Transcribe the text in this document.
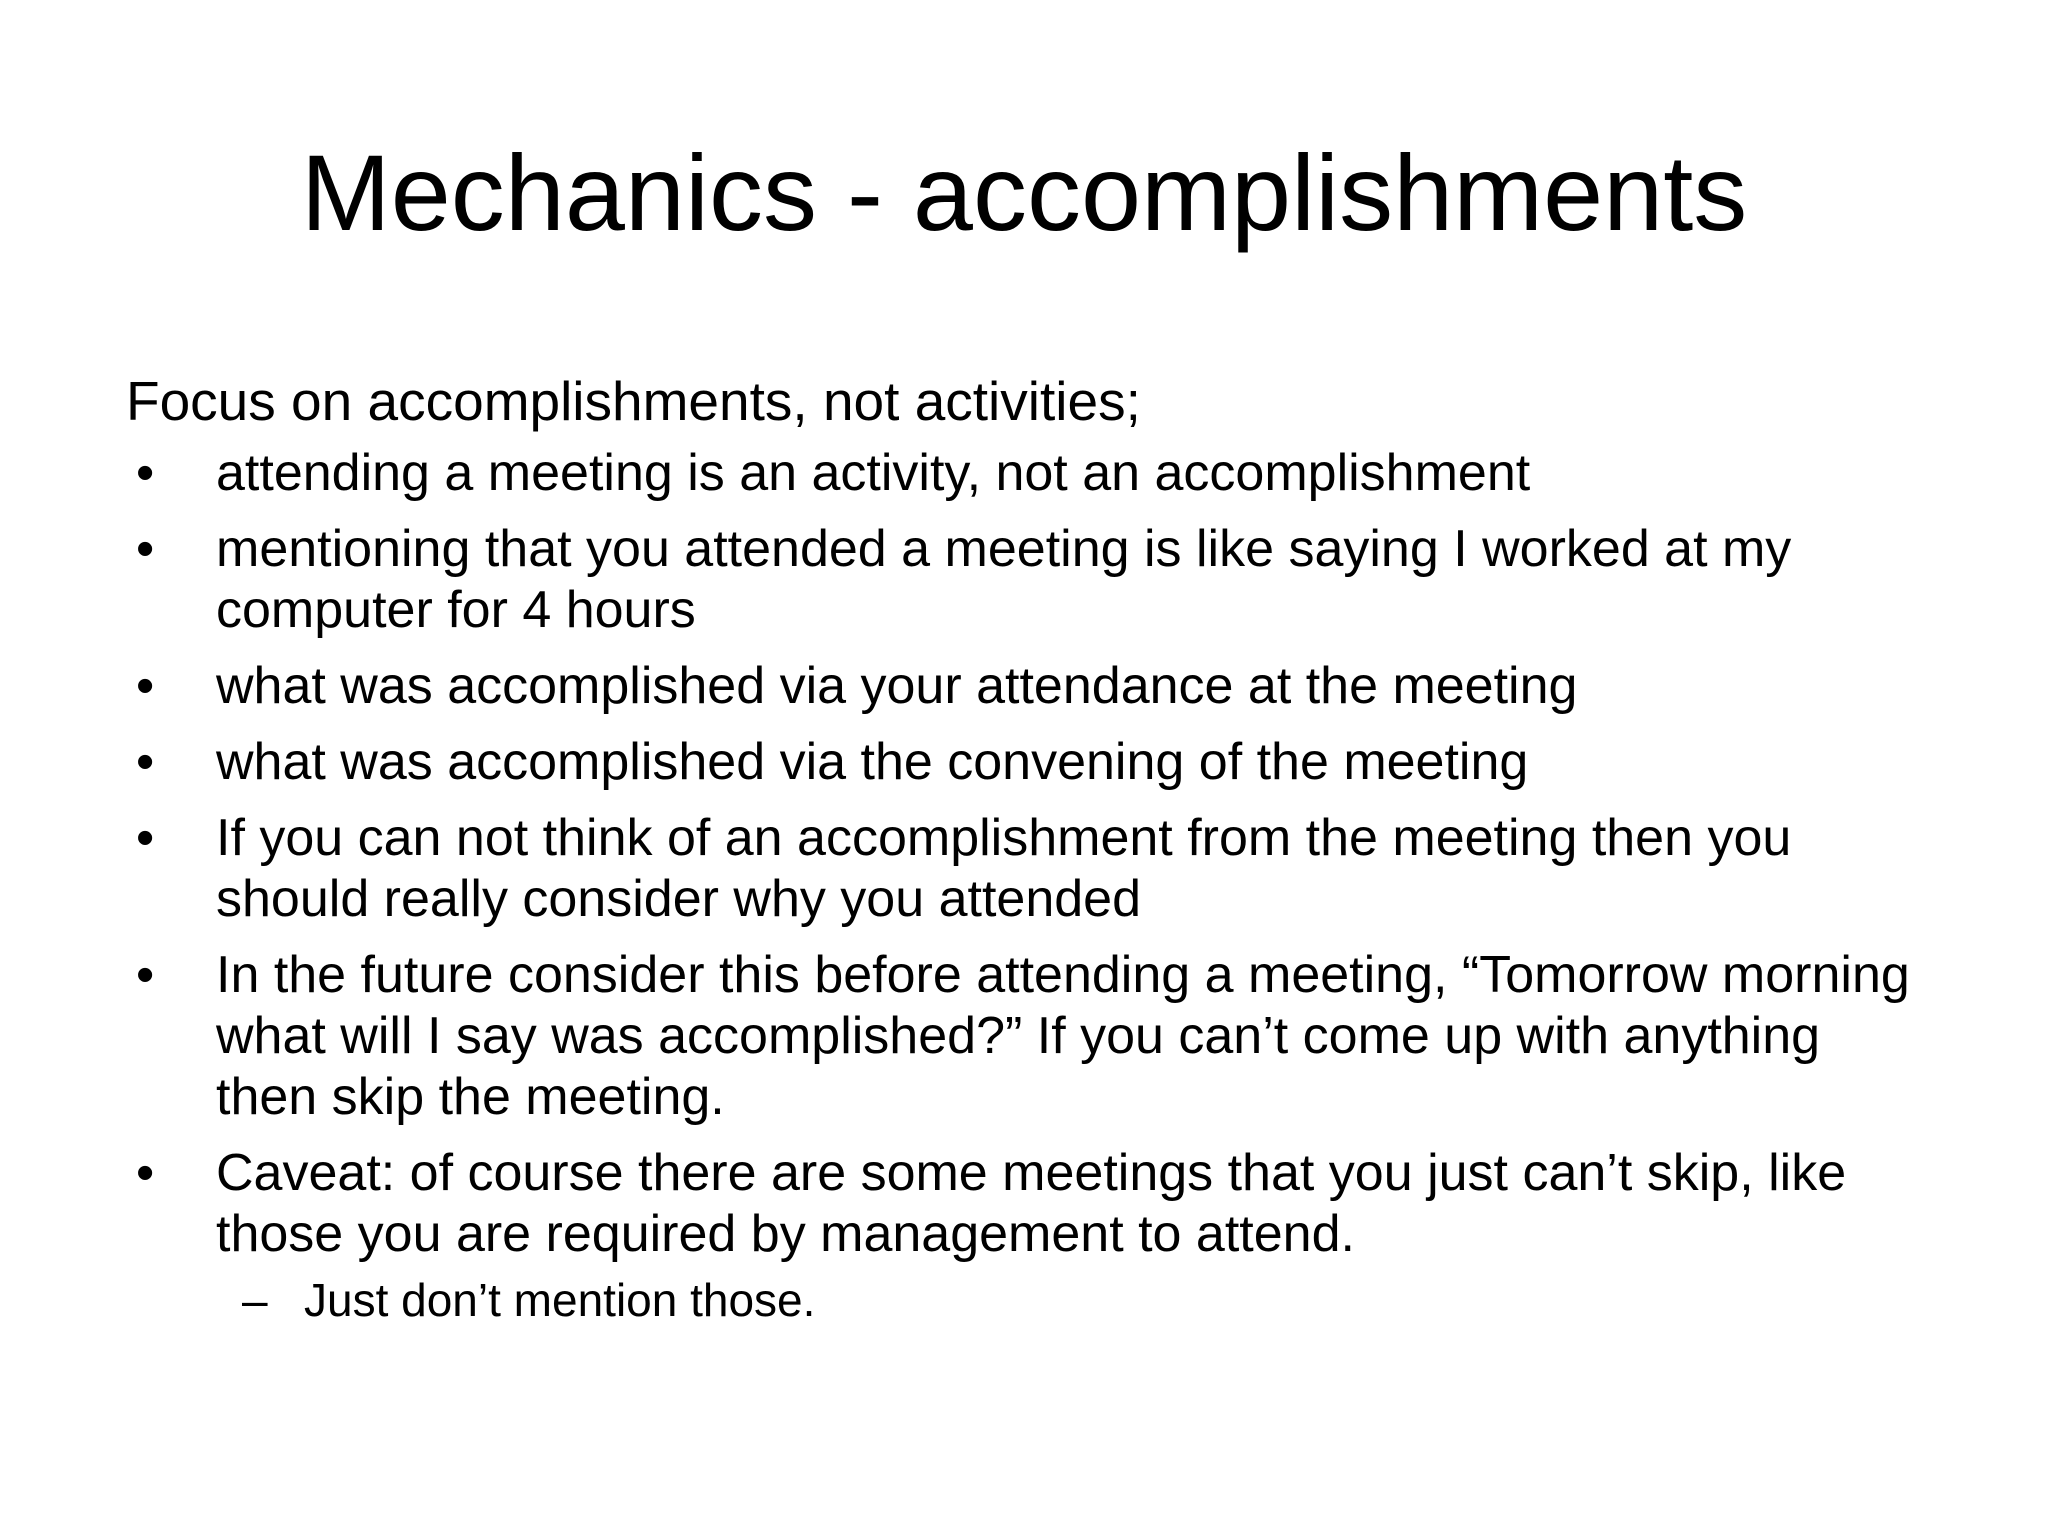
Mechanics - accomplishments

Focus on accomplishments, not activities;

• attending a meeting is an activity, not an accomplishment
• mentioning that you attended a meeting is like saying I worked at my computer for 4 hours
• what was accomplished via your attendance at the meeting
• what was accomplished via the convening of the meeting
• If you can not think of an accomplishment from the meeting then you should really consider why you attended
• In the future consider this before attending a meeting, “Tomorrow morning what will I say was accomplished?” If you can’t come up with anything then skip the meeting.
• Caveat: of course there are some meetings that you just can’t skip, like those you are required by management to attend.
– Just don’t mention those.
